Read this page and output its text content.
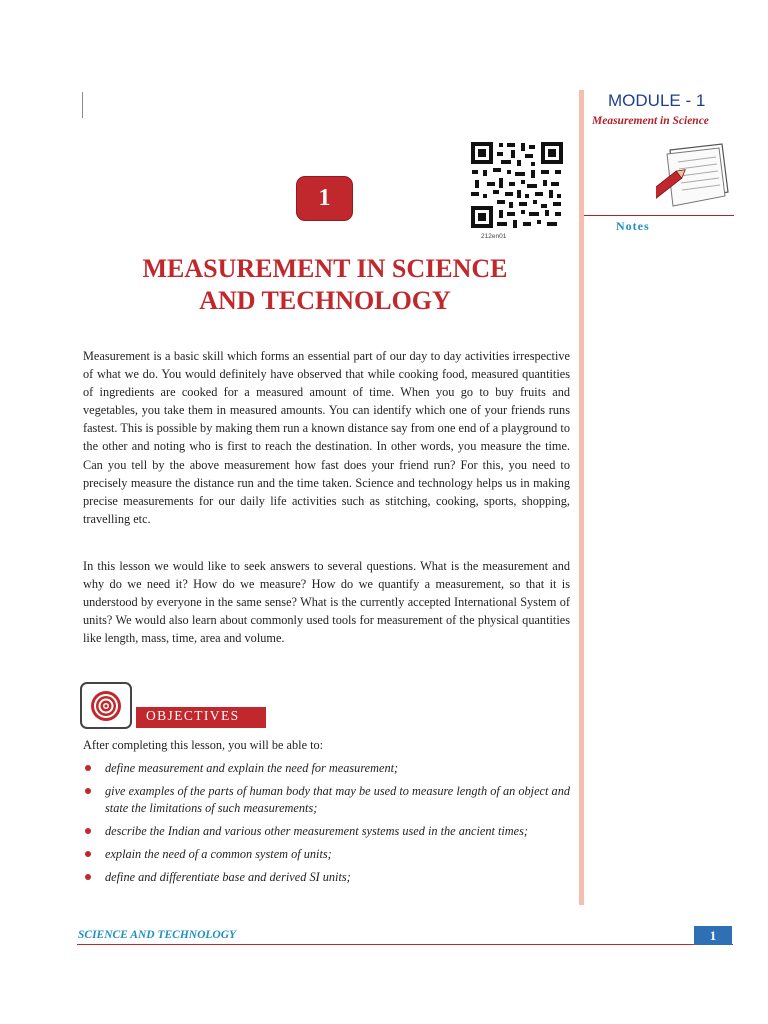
MODULE - 1
Measurement in Science
Notes
212en01
1
MEASUREMENT IN SCIENCE
AND TECHNOLOGY

Measurement is a basic skill which forms an essential part of our day to day activities irrespective of what we do. You would definitely have observed that while cooking food, measured quantities of ingredients are cooked for a measured amount of time. When you go to buy fruits and vegetables, you take them in measured amounts. You can identify which one of your friends runs fastest. This is possible by making them run a known distance say from one end of a playground to the other and noting who is first to reach the destination. In other words, you measure the time. Can you tell by the above measurement how fast does your friend run? For this, you need to precisely measure the distance run and the time taken. Science and technology helps us in making precise measurements for our daily life activities such as stitching, cooking, sports, shopping, travelling etc.

In this lesson we would like to seek answers to several questions. What is the measurement and why do we need it? How do we measure? How do we quantify a measurement, so that it is understood by everyone in the same sense? What is the currently accepted International System of units? We would also learn about commonly used tools for measurement of the physical quantities like length, mass, time, area and volume.

OBJECTIVES

After completing this lesson, you will be able to:

define measurement and explain the need for measurement;
give examples of the parts of human body that may be used to measure length of an object and state the limitations of such measurements;
describe the Indian and various other measurement systems used in the ancient times;
explain the need of a common system of units;
define and differentiate base and derived SI units;
SCIENCE AND TECHNOLOGY	1
